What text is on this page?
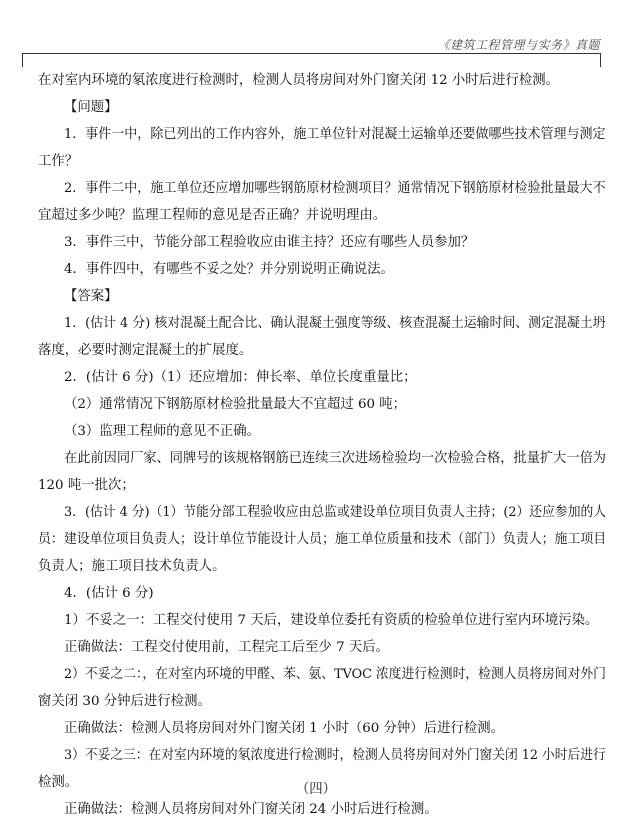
《建筑工程管理与实务》真题
在对室内环境的氡浓度进行检测时，检测人员将房间对外门窗关闭 12 小时后进行检测。
【问题】
1．事件一中，除已列出的工作内容外，施工单位针对混凝土运输单还要做哪些技术管理与测定
工作？
2．事件二中，施工单位还应增加哪些钢筋原材检测项目？通常情况下钢筋原材检验批量最大不
宜超过多少吨？监理工程师的意见是否正确？并说明理由。
3．事件三中，节能分部工程验收应由谁主持？还应有哪些人员参加？
4．事件四中，有哪些不妥之处？并分别说明正确说法。
【答案】
1．(估计 4 分) 核对混凝土配合比、确认混凝土强度等级、核查混凝土运输时间、测定混凝土坍
落度，必要时测定混凝土的扩展度。
2．(估计 6 分)（1）还应增加：伸长率、单位长度重量比；
（2）通常情况下钢筋原材检验批量最大不宜超过 60 吨；
（3）监理工程师的意见不正确。
在此前因同厂家、同牌号的该规格钢筋已连续三次进场检验均一次检验合格，批量扩大一倍为
120 吨一批次；
3．(估计 4 分)（1）节能分部工程验收应由总监或建设单位项目负责人主持；(2）还应参加的人
员：建设单位项目负责人；设计单位节能设计人员；施工单位质量和技术（部门）负责人；施工项目
负责人；施工项目技术负责人。
4．(估计 6 分)
1）不妥之一：工程交付使用 7 天后，建设单位委托有资质的检验单位进行室内环境污染。
正确做法：工程交付使用前，工程完工后至少 7 天后。
2）不妥之二：，在对室内环境的甲醛、苯、氨、TVOC 浓度进行检测时，检测人员将房间对外门
窗关闭 30 分钟后进行检测。
正确做法：检测人员将房间对外门窗关闭 1 小时（60 分钟）后进行检测。
3）不妥之三：在对室内环境的氡浓度进行检测时，检测人员将房间对外门窗关闭 12 小时后进行
检测。
正确做法：检测人员将房间对外门窗关闭 24 小时后进行检测。
（四）
